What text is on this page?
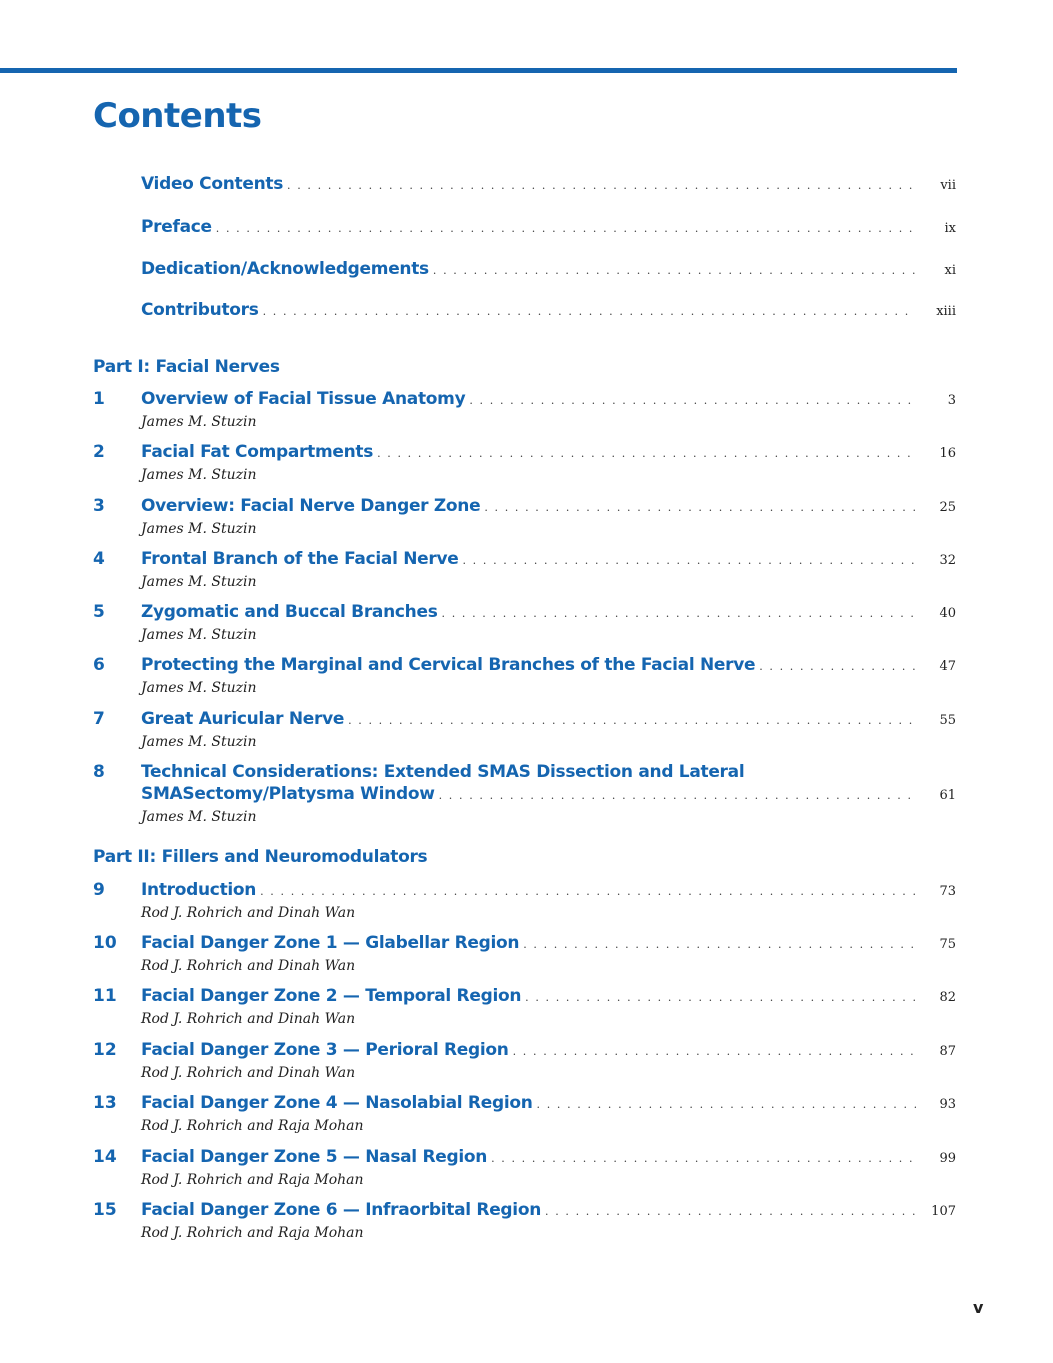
Contents
Video Contents . . .	vii
Preface . . .	ix
Dedication/Acknowledgements . . .	xi
Contributors . . .	xiii
Part I: Facial Nerves
1 Overview of Facial Tissue Anatomy . . .	3
James M. Stuzin
2 Facial Fat Compartments . . .	16
James M. Stuzin
3 Overview: Facial Nerve Danger Zone . . .	25
James M. Stuzin
4 Frontal Branch of the Facial Nerve . . .	32
James M. Stuzin
5 Zygomatic and Buccal Branches . . .	40
James M. Stuzin
6 Protecting the Marginal and Cervical Branches of the Facial Nerve . . .	47
James M. Stuzin
7 Great Auricular Nerve . . .	55
James M. Stuzin
8 Technical Considerations: Extended SMAS Dissection and Lateral
SMASectomy/Platysma Window . . .	61
James M. Stuzin
Part II: Fillers and Neuromodulators
9 Introduction . . .	73
Rod J. Rohrich and Dinah Wan
10 Facial Danger Zone 1 — Glabellar Region . . .	75
Rod J. Rohrich and Dinah Wan
11 Facial Danger Zone 2 — Temporal Region . . .	82
Rod J. Rohrich and Dinah Wan
12 Facial Danger Zone 3 — Perioral Region . . .	87
Rod J. Rohrich and Dinah Wan
13 Facial Danger Zone 4 — Nasolabial Region . . .	93
Rod J. Rohrich and Raja Mohan
14 Facial Danger Zone 5 — Nasal Region . . .	99
Rod J. Rohrich and Raja Mohan
15 Facial Danger Zone 6 — Infraorbital Region . . .	107
Rod J. Rohrich and Raja Mohan
v
